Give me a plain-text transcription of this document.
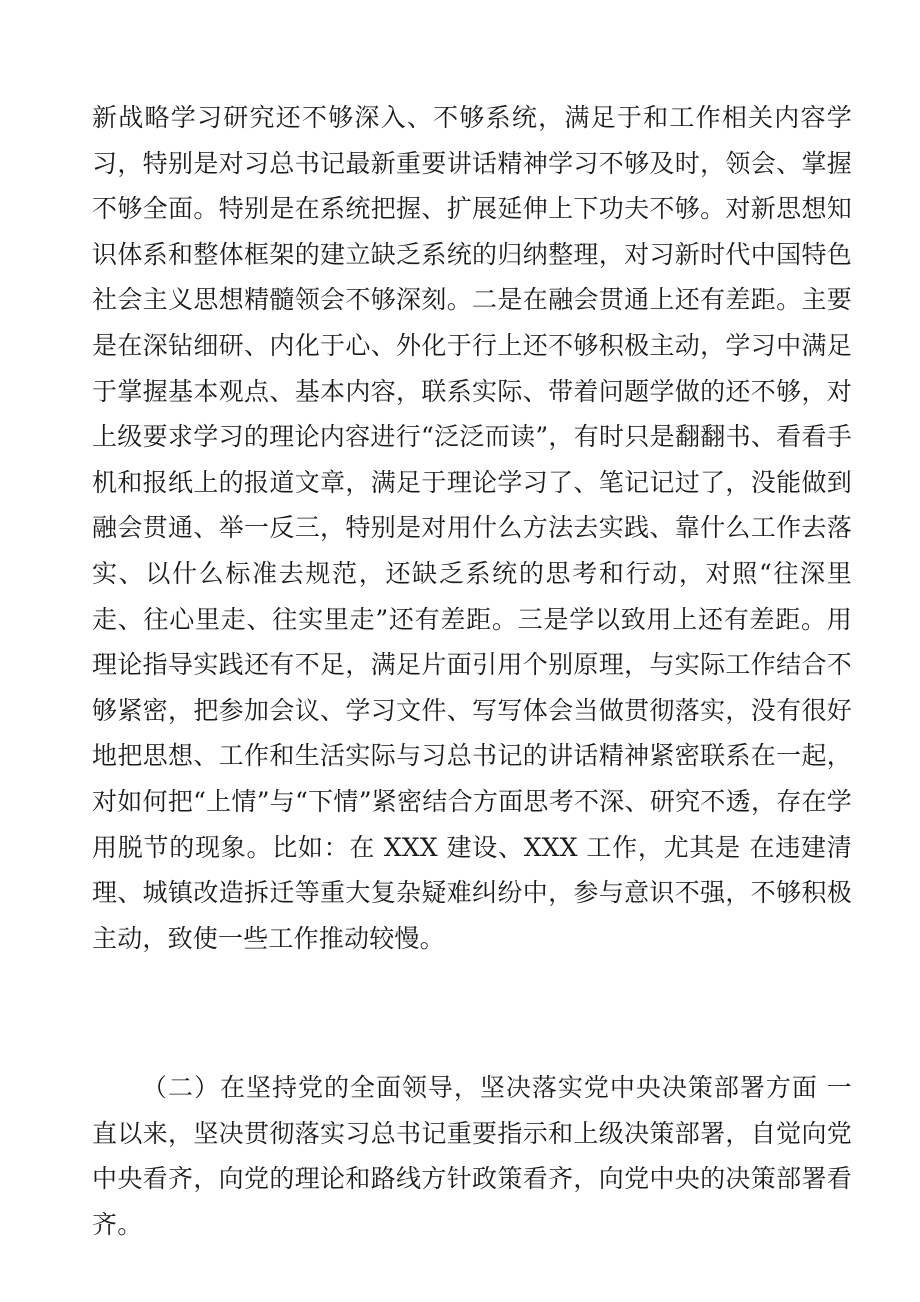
新战略学习研究还不够深入、不够系统，满足于和工作相关内容学习，特别是对习总书记最新重要讲话精神学习不够及时，领会、掌握不够全面。特别是在系统把握、扩展延伸上下功夫不够。对新思想知识体系和整体框架的建立缺乏系统的归纳整理，对习新时代中国特色社会主义思想精髓领会不够深刻。二是在融会贯通上还有差距。主要是在深钻细研、内化于心、外化于行上还不够积极主动，学习中满足于掌握基本观点、基本内容，联系实际、带着问题学做的还不够，对上级要求学习的理论内容进行“泛泛而读”，有时只是翻翻书、看看手机和报纸上的报道文章，满足于理论学习了、笔记记过了，没能做到融会贯通、举一反三，特别是对用什么方法去实践、靠什么工作去落实、以什么标准去规范，还缺乏系统的思考和行动，对照“往深里走、往心里走、往实里走”还有差距。三是学以致用上还有差距。用理论指导实践还有不足，满足片面引用个别原理，与实际工作结合不够紧密，把参加会议、学习文件、写写体会当做贯彻落实，没有很好地把思想、工作和生活实际与习总书记的讲话精神紧密联系在一起，对如何把“上情”与“下情”紧密结合方面思考不深、研究不透，存在学用脱节的现象。比如：在 XXX 建设、XXX 工作，尤其是 在违建清理、城镇改造拆迁等重大复杂疑难纠纷中，参与意识不强，不够积极主动，致使一些工作推动较慢。

（二）在坚持党的全面领导，坚决落实党中央决策部署方面 一直以来，坚决贯彻落实习总书记重要指示和上级决策部署，自觉向党中央看齐，向党的理论和路线方针政策看齐，向党中央的决策部署看齐。
